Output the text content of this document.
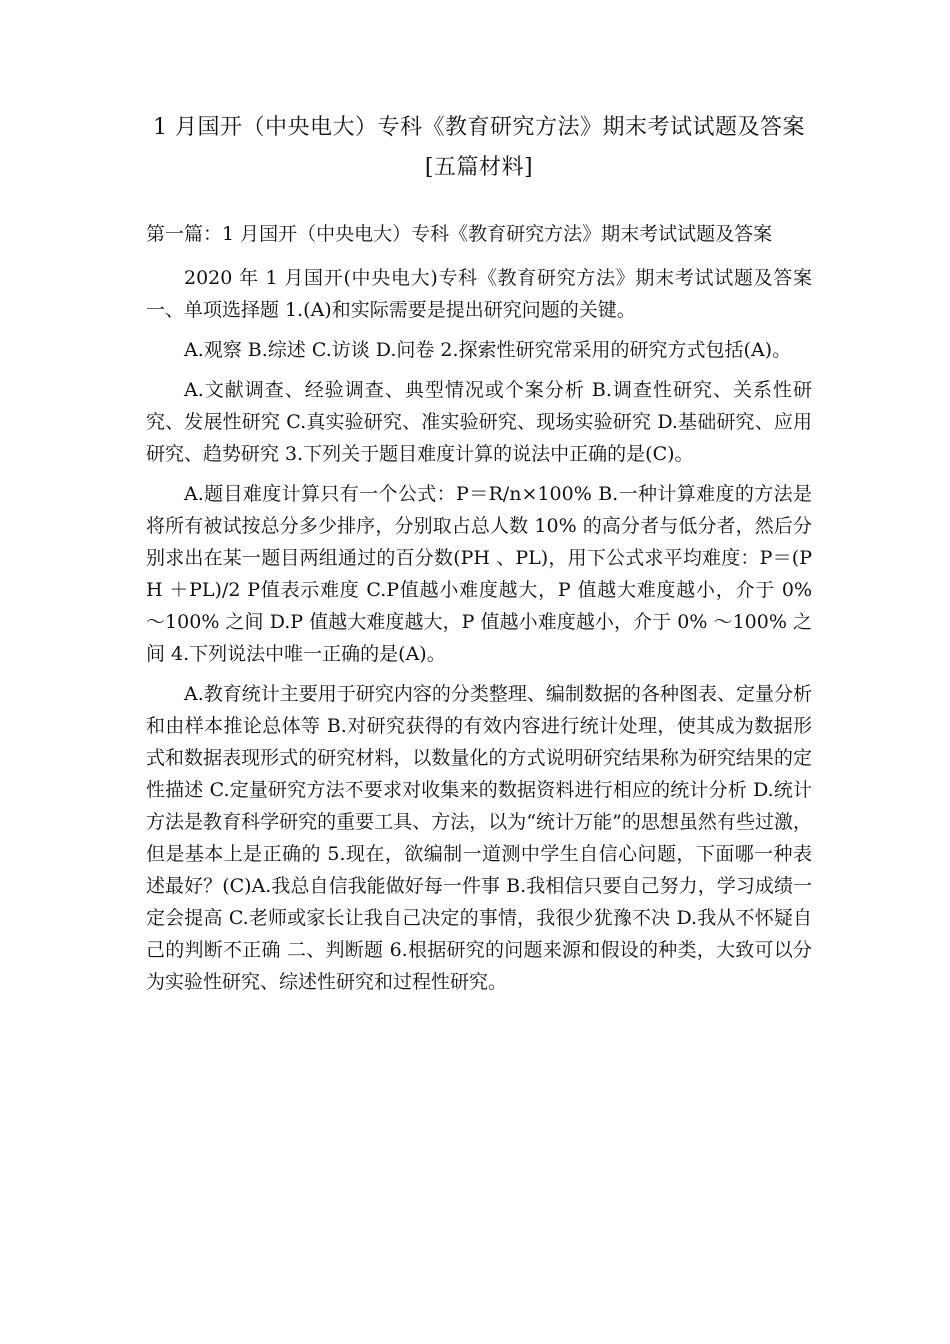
1 月国开（中央电大）专科《教育研究方法》期末考试试题及答案[五篇材料]
第一篇：1 月国开（中央电大）专科《教育研究方法》期末考试试题及答案

2020 年 1 月国开(中央电大)专科《教育研究方法》期末考试试题及答案 一、单项选择题 1.(A)和实际需要是提出研究问题的关键。

A.观察 B.综述 C.访谈 D.问卷 2.探索性研究常采用的研究方式包括(A)。

A.文献调查、经验调查、典型情况或个案分析 B.调查性研究、关系性研究、发展性研究 C.真实验研究、准实验研究、现场实验研究 D.基础研究、应用研究、趋势研究 3.下列关于题目难度计算的说法中正确的是(C)。

A.题目难度计算只有一个公式：P＝R/n×100% B.一种计算难度的方法是将所有被试按总分多少排序，分别取占总人数 10% 的高分者与低分者，然后分别求出在某一题目两组通过的百分数(PH 、PL)，用下公式求平均难度：P＝(PH ＋PL)/2 P值表示难度 C.P值越小难度越大，P 值越大难度越小，介于 0% ～100% 之间 D.P 值越大难度越大，P 值越小难度越小，介于 0% ～100% 之间 4.下列说法中唯一正确的是(A)。

A.教育统计主要用于研究内容的分类整理、编制数据的各种图表、定量分析和由样本推论总体等 B.对研究获得的有效内容进行统计处理，使其成为数据形式和数据表现形式的研究材料，以数量化的方式说明研究结果称为研究结果的定性描述 C.定量研究方法不要求对收集来的数据资料进行相应的统计分析 D.统计方法是教育科学研究的重要工具、方法，以为“统计万能”的思想虽然有些过激，但是基本上是正确的 5.现在，欲编制一道测中学生自信心问题，下面哪一种表述最好？(C)A.我总自信我能做好每一件事 B.我相信只要自己努力，学习成绩一定会提高 C.老师或家长让我自己决定的事情，我很少犹豫不决 D.我从不怀疑自己的判断不正确 二、判断题 6.根据研究的问题来源和假设的种类，大致可以分为实验性研究、综述性研究和过程性研究。
